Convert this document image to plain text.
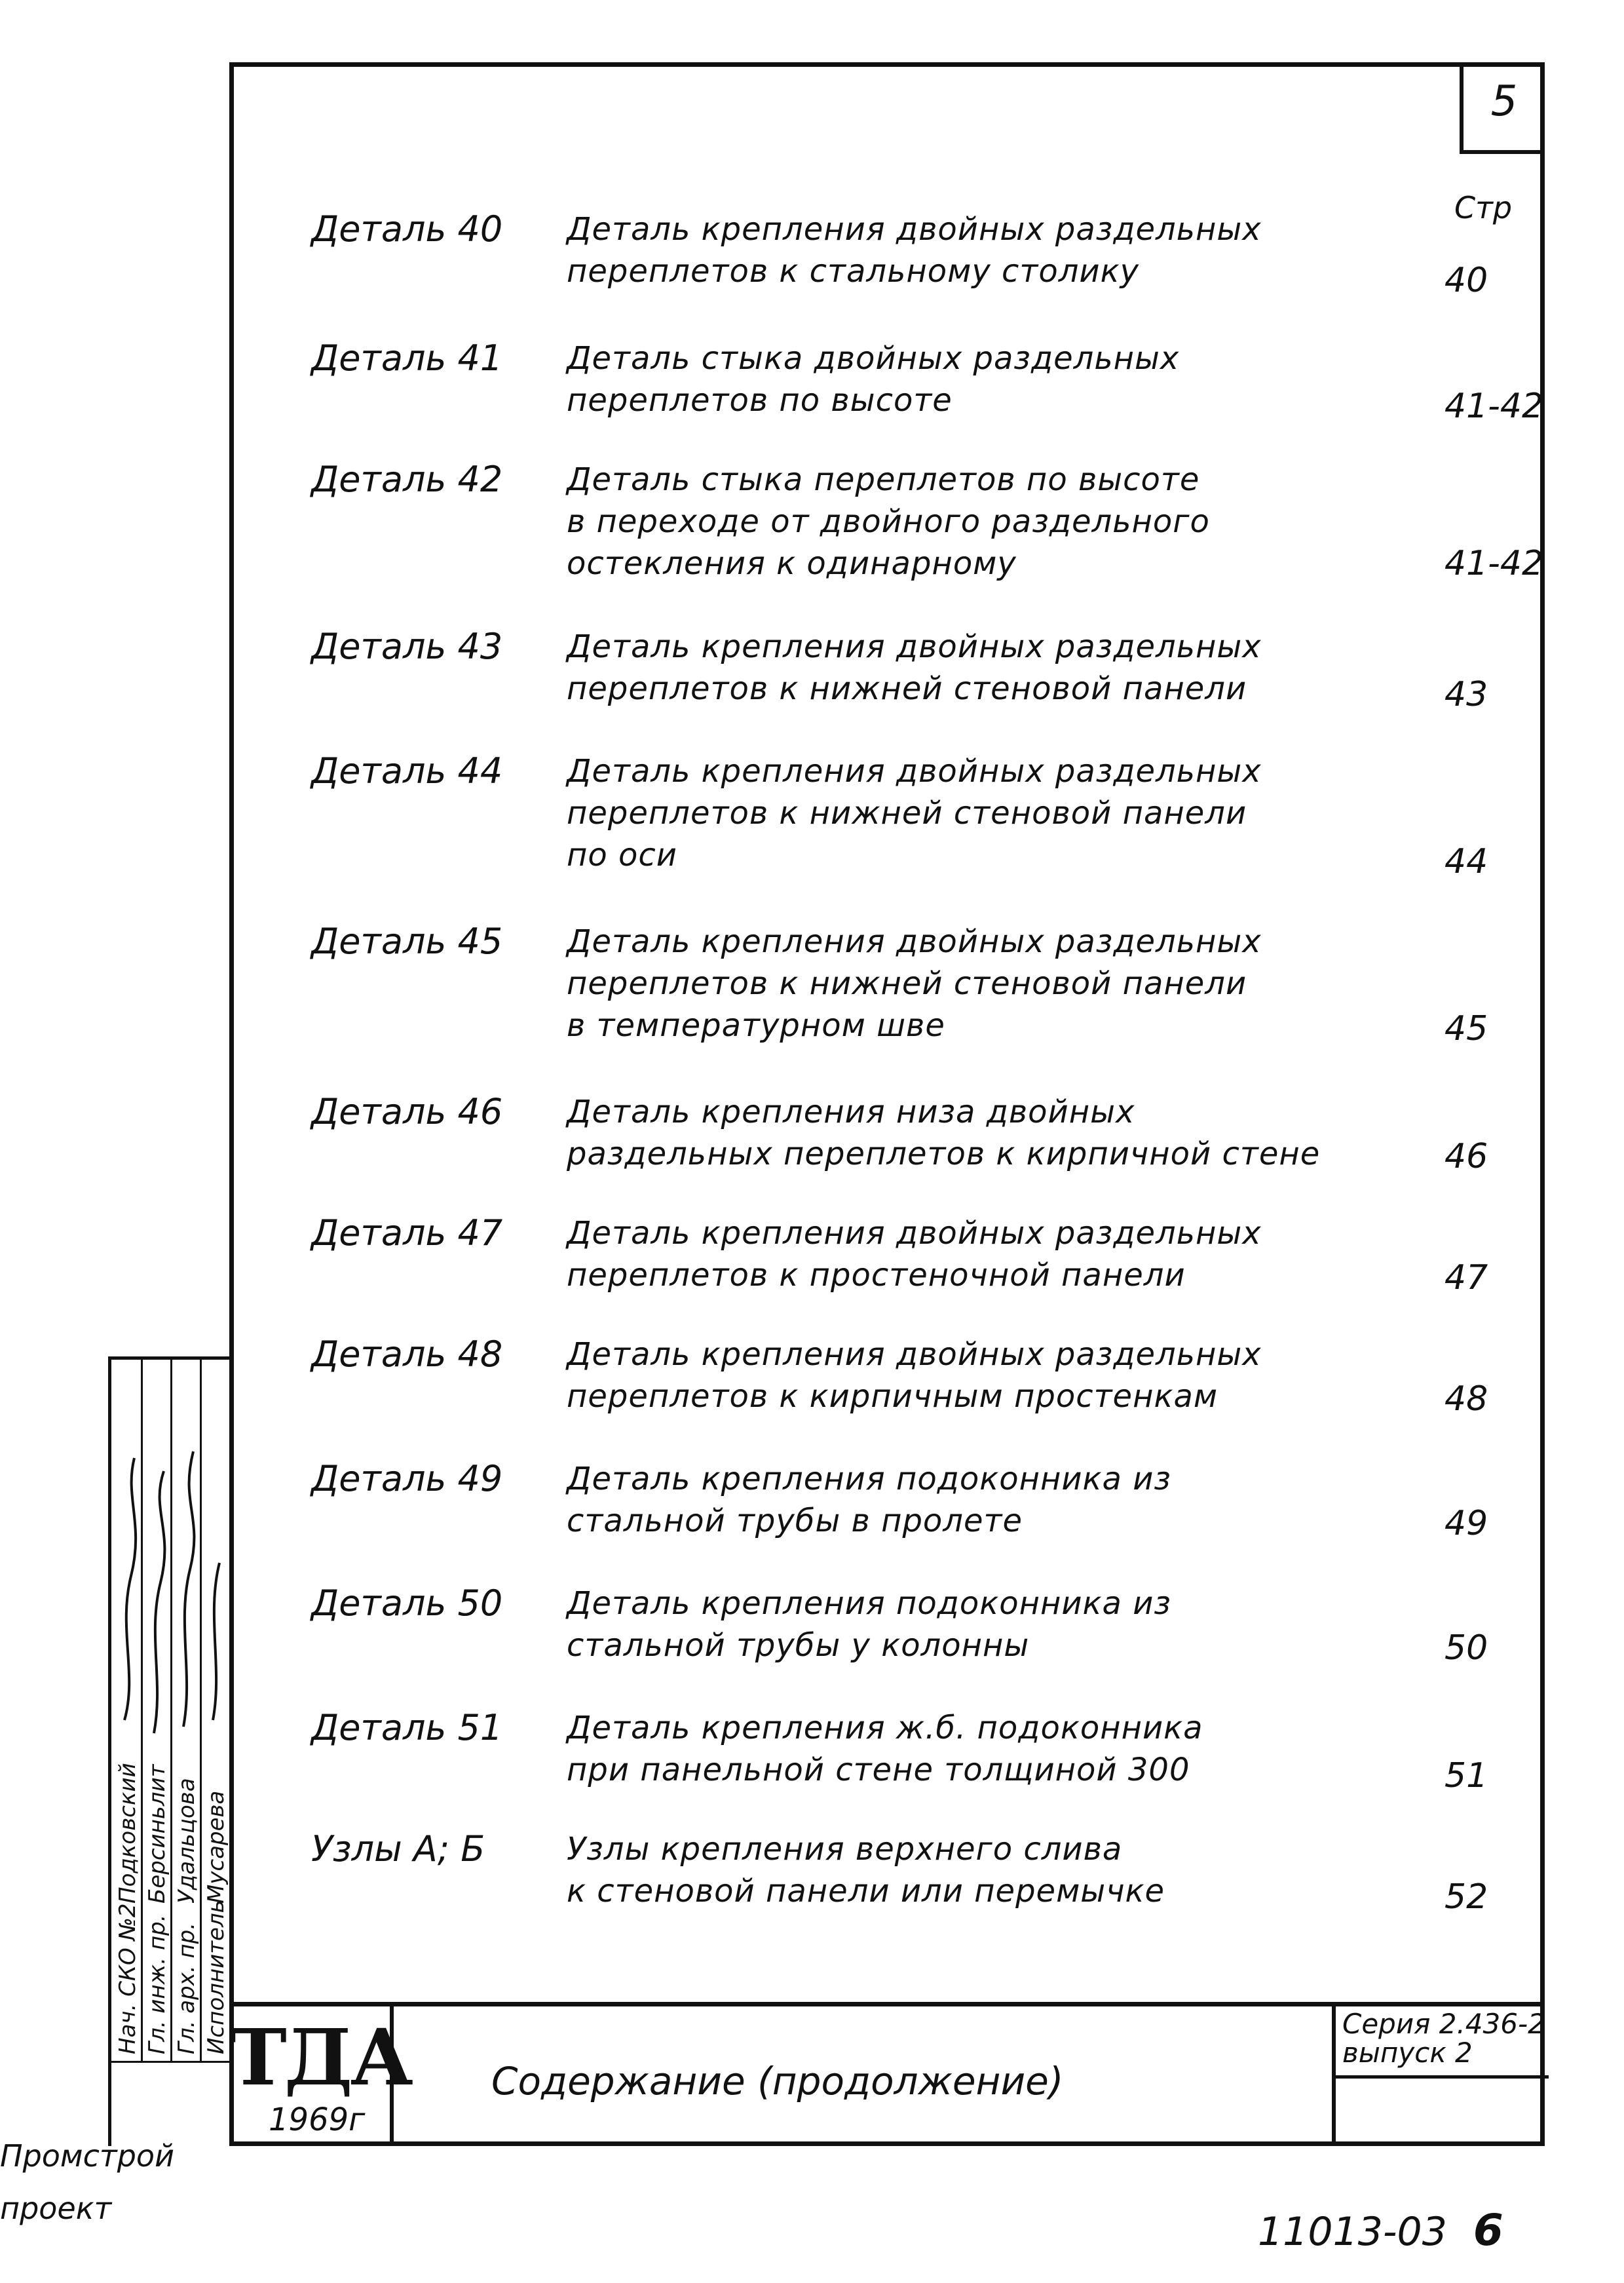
5
Стр
Деталь 40	Деталь крепления двойных раздельных
переплетов к стальному столику	40
Деталь 41	Деталь стыка двойных раздельных
переплетов по высоте	41-42
Деталь 42	Деталь стыка переплетов по высоте
в переходе от двойного раздельного
остекления к одинарному	41-42
Деталь 43	Деталь крепления двойных раздельных
переплетов к нижней стеновой панели	43
Деталь 44	Деталь крепления двойных раздельных
переплетов к нижней стеновой панели
по оси	44
Деталь 45	Деталь крепления двойных раздельных
переплетов к нижней стеновой панели
в температурном шве	45
Деталь 46	Деталь крепления низа двойных
раздельных переплетов к кирпичной стене	46
Деталь 47	Деталь крепления двойных раздельных
переплетов к простеночной панели	47
Деталь 48	Деталь крепления двойных раздельных
переплетов к кирпичным простенкам	48
Деталь 49	Деталь крепления подоконника из
стальной трубы в пролете	49
Деталь 50	Деталь крепления подоконника из
стальной трубы у колонны	50
Деталь 51	Деталь крепления ж.б. подоконника
при панельной стене толщиной 300	51
Узлы А; Б	Узлы крепления верхнего слива
к стеновой панели или перемычке	52
ТДА
1969г
Содержание (продолжение)
Серия 2.436-2
выпуск 2
Нач. СКО №2 Гл. инж. пр. Гл. арх. пр. Исполнитель
Подковский Берсиньлит Удальцова Мусарева
Промстрой
проект
11013-03 6
